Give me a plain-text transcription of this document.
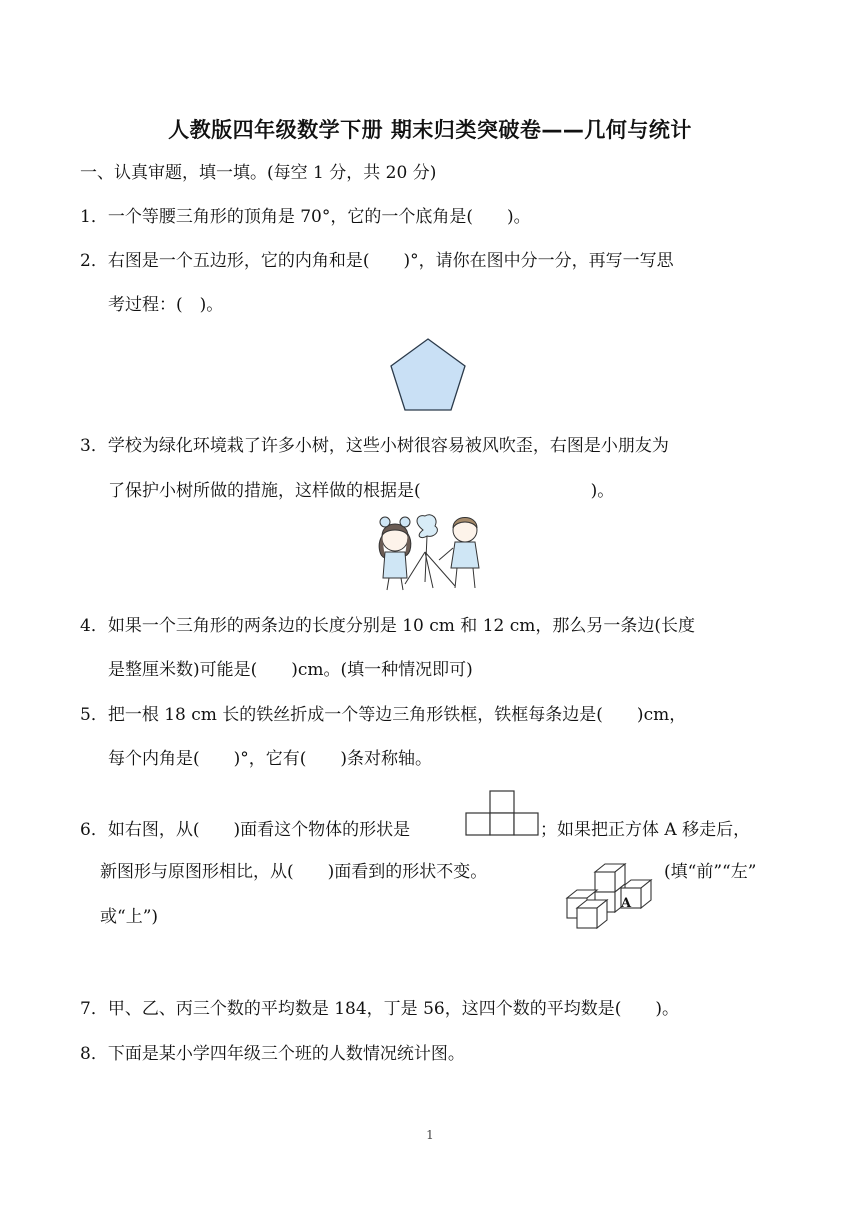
人教版四年级数学下册 期末归类突破卷——几何与统计
一、认真审题，填一填。(每空 1 分，共 20 分)
1．一个等腰三角形的顶角是 70°，它的一个底角是(　　)。
2．右图是一个五边形，它的内角和是(　　)°，请你在图中分一分，再写一写思
考过程：(　)。
3．学校为绿化环境栽了许多小树，这些小树很容易被风吹歪，右图是小朋友为
了保护小树所做的措施，这样做的根据是(　　　　　　　　　　)。
4．如果一个三角形的两条边的长度分别是 10 cm 和 12 cm，那么另一条边(长度
是整厘米数)可能是(　　)cm。(填一种情况即可)
5．把一根 18 cm 长的铁丝折成一个等边三角形铁框，铁框每条边是(　　)cm，
每个内角是(　　)°，它有(　　)条对称轴。
6．如右图，从(　　)面看这个物体的形状是	；如果把正方体 A 移走后，
新图形与原图形相比，从(　　)面看到的形状不变。	(填“前”“左”
或“上”)
A
7．甲、乙、丙三个数的平均数是 184，丁是 56，这四个数的平均数是(　　)。
8．下面是某小学四年级三个班的人数情况统计图。
1
